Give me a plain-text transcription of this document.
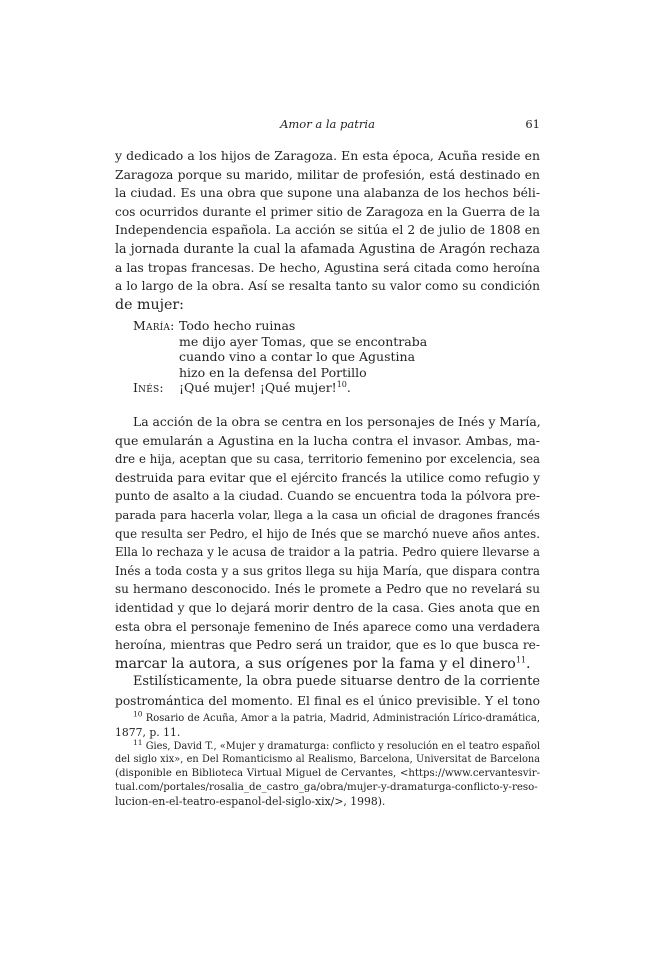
Amor a la patria	61
y dedicado a los hijos de Zaragoza. En esta época, Acuña reside en
Zaragoza porque su marido, militar de profesión, está destinado en
la ciudad. Es una obra que supone una alabanza de los hechos béli-
cos ocurridos durante el primer sitio de Zaragoza en la Guerra de la
Independencia española. La acción se sitúa el 2 de julio de 1808 en
la jornada durante la cual la afamada Agustina de Aragón rechaza
a las tropas francesas. De hecho, Agustina será citada como heroína
a lo largo de la obra. Así se resalta tanto su valor como su condición
de mujer:
María: Todo hecho ruinas
me dijo ayer Tomas, que se encontraba
cuando vino a contar lo que Agustina
hizo en la defensa del Portillo
Inés:	¡Qué mujer! ¡Qué mujer!$^{10}$.
La acción de la obra se centra en los personajes de Inés y María,
que emularán a Agustina en la lucha contra el invasor. Ambas, ma-
dre e hija, aceptan que su casa, territorio femenino por excelencia, sea
destruida para evitar que el ejército francés la utilice como refugio y
punto de asalto a la ciudad. Cuando se encuentra toda la pólvora pre-
parada para hacerla volar, llega a la casa un oficial de dragones francés
que resulta ser Pedro, el hijo de Inés que se marchó nueve años antes.
Ella lo rechaza y le acusa de traidor a la patria. Pedro quiere llevarse a
Inés a toda costa y a sus gritos llega su hija María, que dispara contra
su hermano desconocido. Inés le promete a Pedro que no revelará su
identidad y que lo dejará morir dentro de la casa. Gies anota que en
esta obra el personaje femenino de Inés aparece como una verdadera
heroína, mientras que Pedro será un traidor, que es lo que busca re-
marcar la autora, a sus orígenes por la fama y el dinero$^{11}$.
Estilísticamente, la obra puede situarse dentro de la corriente
postromántica del momento. El final es el único previsible. Y el tono
$^{10}$ Rosario de Acuña, Amor a la patria, Madrid, Administración Lírico-dramática,
1877, p. 11.
$^{11}$ Gies, David T., «Mujer y dramaturga: conflicto y resolución en el teatro español
del siglo xix», en Del Romanticismo al Realismo, Barcelona, Universitat de Barcelona
(disponible en Biblioteca Virtual Miguel de Cervantes, <https://www.cervantesvir-
tual.com/portales/rosalia_de_castro_ga/obra/mujer-y-dramaturga-conflicto-y-reso-
lucion-en-el-teatro-espanol-del-siglo-xix/>, 1998).
